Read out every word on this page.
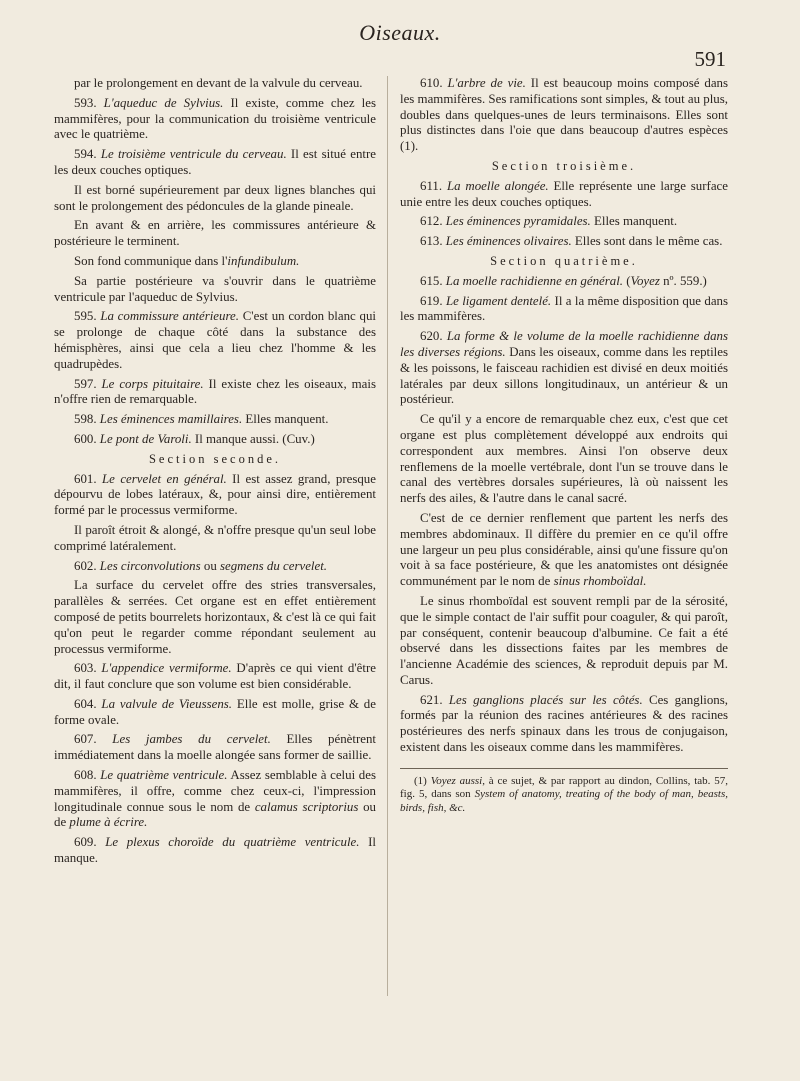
Oiseaux.
591

par le prolongement en devant de la valvule du cerveau.

593. L'aqueduc de Sylvius. Il existe, comme chez les mammifères, pour la communication du troisième ventricule avec le quatrième.

594. Le troisième ventricule du cerveau. Il est situé entre les deux couches optiques.

Il est borné supérieurement par deux lignes blanches qui sont le prolongement des pédoncules de la glande pineale.

En avant & en arrière, les commissures antérieure & postérieure le terminent.

Son fond communique dans l'infundibulum.

Sa partie postérieure va s'ouvrir dans le quatrième ventricule par l'aqueduc de Sylvius.

595. La commissure antérieure. C'est un cordon blanc qui se prolonge de chaque côté dans la substance des hémisphères, ainsi que cela a lieu chez l'homme & les quadrupèdes.

597. Le corps pituitaire. Il existe chez les oiseaux, mais n'offre rien de remarquable.

598. Les éminences mamillaires. Elles manquent.

600. Le pont de Varoli. Il manque aussi. (Cuv.)

Section seconde.

601. Le cervelet en général. Il est assez grand, presque dépourvu de lobes latéraux, &, pour ainsi dire, entièrement formé par le processus vermiforme.

Il paroît étroit & alongé, & n'offre presque qu'un seul lobe comprimé latéralement.

602. Les circonvolutions ou segmens du cervelet.

La surface du cervelet offre des stries transversales, parallèles & serrées. Cet organe est en effet entièrement composé de petits bourrelets horizontaux, & c'est là ce qui fait qu'on peut le regarder comme répondant seulement au processus vermiforme.

603. L'appendice vermiforme. D'après ce qui vient d'être dit, il faut conclure que son volume est bien considérable.

604. La valvule de Vieussens. Elle est molle, grise & de forme ovale.

607. Les jambes du cervelet. Elles pénètrent immédiatement dans la moelle alongée sans former de saillie.

608. Le quatrième ventricule. Assez semblable à celui des mammifères, il offre, comme chez ceux-ci, l'impression longitudinale connue sous le nom de calamus scriptorius ou de plume à écrire.

609. Le plexus choroïde du quatrième ventricule. Il manque.

610. L'arbre de vie. Il est beaucoup moins composé dans les mammifères. Ses ramifications sont simples, & tout au plus, doubles dans quelques-unes de leurs terminaisons. Elles sont plus distinctes dans l'oie que dans beaucoup d'autres espèces (1).

Section troisième.

611. La moelle alongée. Elle représente une large surface unie entre les deux couches optiques.

612. Les éminences pyramidales. Elles manquent.

613. Les éminences olivaires. Elles sont dans le même cas.

Section quatrième.

615. La moelle rachidienne en général. (Voyez nº. 559.)

619. Le ligament dentelé. Il a la même disposition que dans les mammifères.

620. La forme & le volume de la moelle rachidienne dans les diverses régions. Dans les oiseaux, comme dans les reptiles & les poissons, le faisceau rachidien est divisé en deux moitiés latérales par deux sillons longitudinaux, un antérieur & un postérieur.

Ce qu'il y a encore de remarquable chez eux, c'est que cet organe est plus complètement développé aux endroits qui correspondent aux membres. Ainsi l'on observe deux renflemens de la moelle vertébrale, dont l'un se trouve dans le canal des vertèbres dorsales supérieures, là où naissent les nerfs des ailes, & l'autre dans le canal sacré.

C'est de ce dernier renflement que partent les nerfs des membres abdominaux. Il diffère du premier en ce qu'il offre une largeur un peu plus considérable, ainsi qu'une fissure qu'on voit à sa face postérieure, & que les anatomistes ont désignée communément par le nom de sinus rhomboïdal.

Le sinus rhomboïdal est souvent rempli par de la sérosité, que le simple contact de l'air suffit pour coaguler, & qui paroît, par conséquent, contenir beaucoup d'albumine. Ce fait a été observé dans les dissections faites par les membres de l'ancienne Académie des sciences, & reproduit depuis par M. Carus.

621. Les ganglions placés sur les côtés. Ces ganglions, formés par la réunion des racines antérieures & des racines postérieures des nerfs spinaux dans les trous de conjugaison, existent dans les oiseaux comme dans les mammifères.

(1) Voyez aussi, à ce sujet, & par rapport au dindon, Collins, tab. 57, fig. 5, dans son System of anatomy, treating of the body of man, beasts, birds, fish, &c.
